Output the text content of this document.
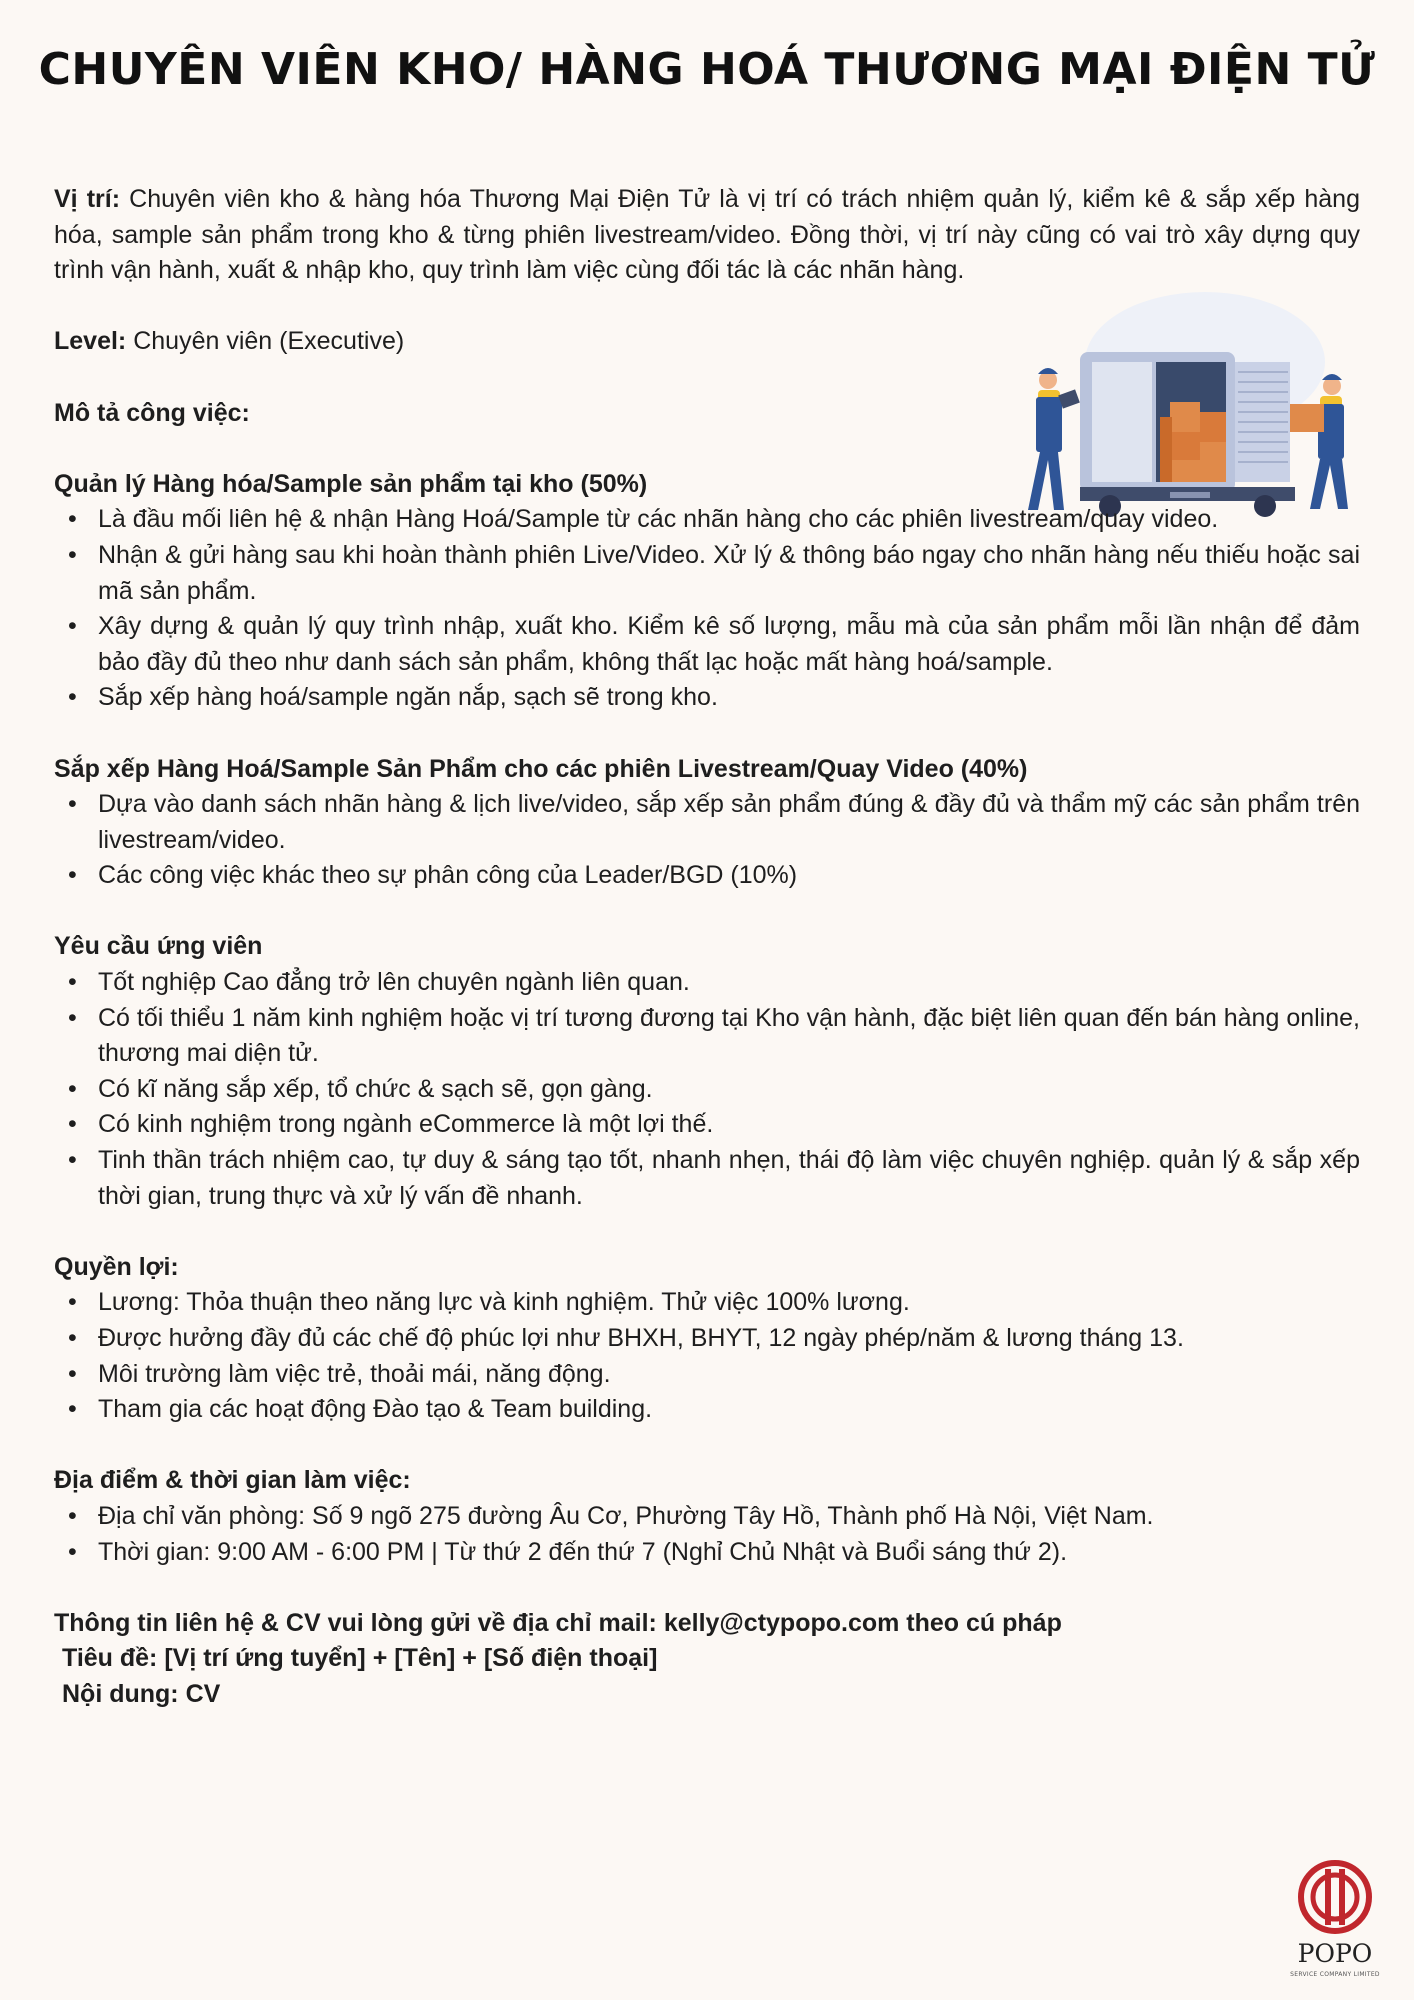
CHUYÊN VIÊN KHO/ HÀNG HOÁ THƯƠNG MẠI ĐIỆN TỬ
Vị trí: Chuyên viên kho & hàng hóa Thương Mại Điện Tử là vị trí có trách nhiệm quản lý, kiểm kê & sắp xếp hàng hóa, sample sản phẩm trong kho & từng phiên livestream/video. Đồng thời, vị trí này cũng có vai trò xây dựng quy trình vận hành, xuất & nhập kho, quy trình làm việc cùng đối tác là các nhãn hàng.
Level: Chuyên viên (Executive)
Mô tả công việc:
Quản lý Hàng hóa/Sample sản phẩm tại kho (50%)
• Là đầu mối liên hệ & nhận Hàng Hoá/Sample từ các nhãn hàng cho các phiên livestream/quay video.
• Nhận & gửi hàng sau khi hoàn thành phiên Live/Video. Xử lý & thông báo ngay cho nhãn hàng nếu thiếu hoặc sai mã sản phẩm.
• Xây dựng & quản lý quy trình nhập, xuất kho. Kiểm kê số lượng, mẫu mà của sản phẩm mỗi lần nhận để đảm bảo đầy đủ theo như danh sách sản phẩm, không thất lạc hoặc mất hàng hoá/sample.
• Sắp xếp hàng hoá/sample ngăn nắp, sạch sẽ trong kho.
Sắp xếp Hàng Hoá/Sample Sản Phẩm cho các phiên Livestream/Quay Video (40%)
• Dựa vào danh sách nhãn hàng & lịch live/video, sắp xếp sản phẩm đúng & đầy đủ và thẩm mỹ các sản phẩm trên livestream/video.
• Các công việc khác theo sự phân công của Leader/BGD (10%)
Yêu cầu ứng viên
• Tốt nghiệp Cao đẳng trở lên chuyên ngành liên quan.
• Có tối thiểu 1 năm kinh nghiệm hoặc vị trí tương đương tại Kho vận hành, đặc biệt liên quan đến bán hàng online, thương mai diện tử.
• Có kĩ năng sắp xếp, tổ chức & sạch sẽ, gọn gàng.
• Có kinh nghiệm trong ngành eCommerce là một lợi thế.
• Tinh thần trách nhiệm cao, tự duy & sáng tạo tốt, nhanh nhẹn, thái độ làm việc chuyên nghiệp. quản lý & sắp xếp thời gian, trung thực và xử lý vấn đề nhanh.
Quyền lợi:
• Lương: Thỏa thuận theo năng lực và kinh nghiệm. Thử việc 100% lương.
• Được hưởng đầy đủ các chế độ phúc lợi như BHXH, BHYT, 12 ngày phép/năm & lương tháng 13.
• Môi trường làm việc trẻ, thoải mái, năng động.
• Tham gia các hoạt động Đào tạo & Team building.
Địa điểm & thời gian làm việc:
• Địa chỉ văn phòng: Số 9 ngõ 275 đường Âu Cơ, Phường Tây Hồ, Thành phố Hà Nội, Việt Nam.
• Thời gian: 9:00 AM - 6:00 PM | Từ thứ 2 đến thứ 7 (Nghỉ Chủ Nhật và Buổi sáng thứ 2).
Thông tin liên hệ & CV vui lòng gửi về địa chỉ mail: kelly@ctypopo.com theo cú pháp
Tiêu đề: [Vị trí ứng tuyển] + [Tên] + [Số điện thoại]
Nội dung: CV
POPO
SERVICE COMPANY LIMITED
